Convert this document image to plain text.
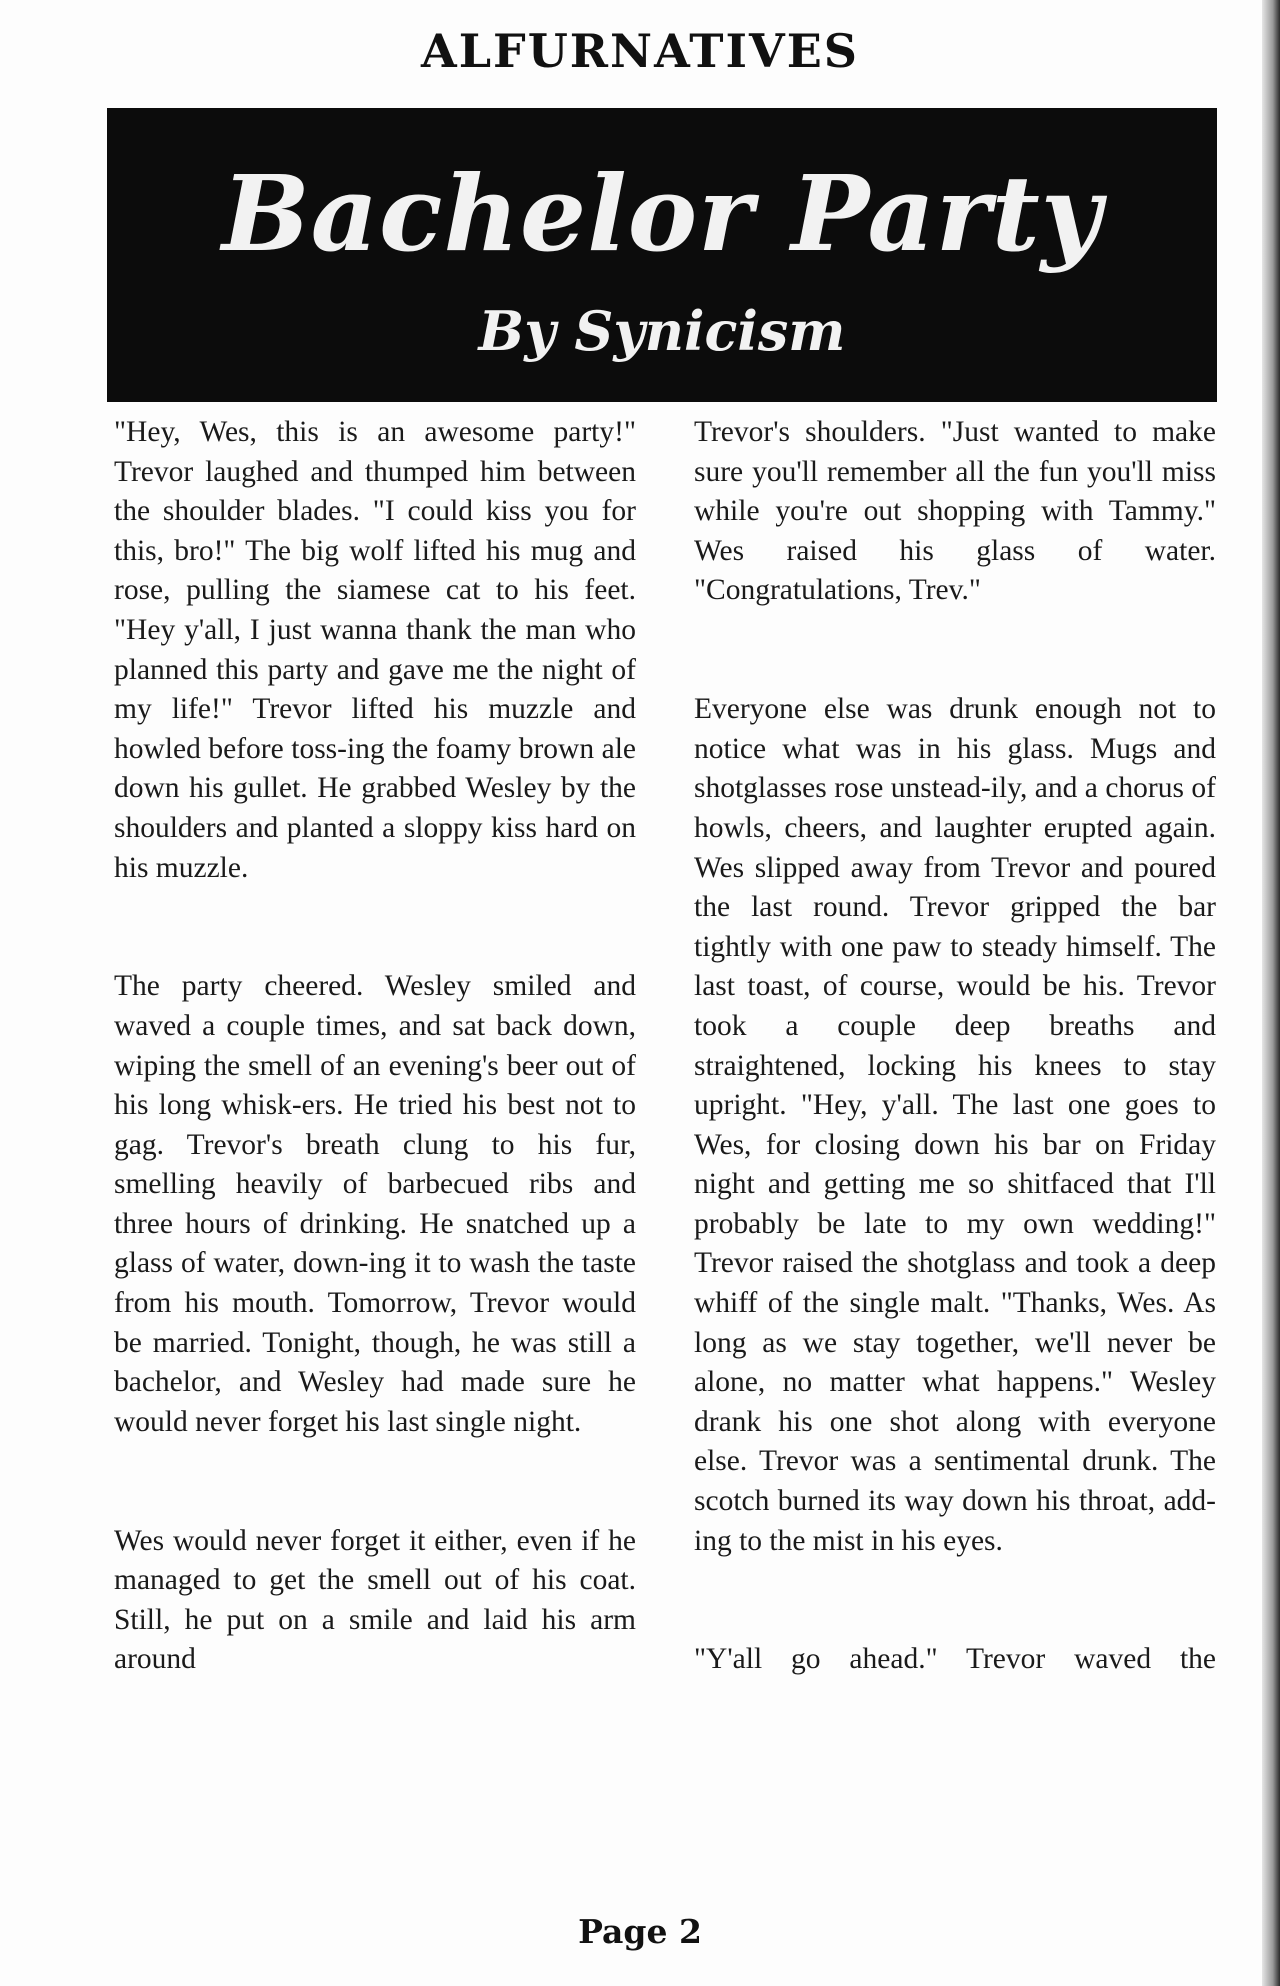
ALFURNATIVES
Bachelor Party
By Synicism

"Hey, Wes, this is an awesome party!" Trevor laughed and thumped him between the shoulder blades. "I could kiss you for this, bro!" The big wolf lifted his mug and rose, pulling the siamese cat to his feet. "Hey y'all, I just wanna thank the man who planned this party and gave me the night of my life!" Trevor lifted his muzzle and howled before toss-ing the foamy brown ale down his gullet. He grabbed Wesley by the shoulders and planted a sloppy kiss hard on his muzzle.

The party cheered. Wesley smiled and waved a couple times, and sat back down, wiping the smell of an evening's beer out of his long whisk-ers. He tried his best not to gag. Trevor's breath clung to his fur, smelling heavily of barbecued ribs and three hours of drinking. He snatched up a glass of water, down-ing it to wash the taste from his mouth. Tomorrow, Trevor would be married. Tonight, though, he was still a bachelor, and Wesley had made sure he would never forget his last single night.

Wes would never forget it either, even if he managed to get the smell out of his coat. Still, he put on a smile and laid his arm around

Trevor's shoulders. "Just wanted to make sure you'll remember all the fun you'll miss while you're out shopping with Tammy." Wes raised his glass of water. "Congratulations, Trev."

Everyone else was drunk enough not to notice what was in his glass. Mugs and shotglasses rose unstead-ily, and a chorus of howls, cheers, and laughter erupted again. Wes slipped away from Trevor and poured the last round. Trevor gripped the bar tightly with one paw to steady himself. The last toast, of course, would be his. Trevor took a couple deep breaths and straightened, locking his knees to stay upright. "Hey, y'all. The last one goes to Wes, for closing down his bar on Friday night and getting me so shitfaced that I'll probably be late to my own wedding!" Trevor raised the shotglass and took a deep whiff of the single malt. "Thanks, Wes. As long as we stay together, we'll never be alone, no matter what happens." Wesley drank his one shot along with everyone else. Trevor was a sentimental drunk. The scotch burned its way down his throat, add-ing to the mist in his eyes.

"Y'all go ahead." Trevor waved the

Page 2
